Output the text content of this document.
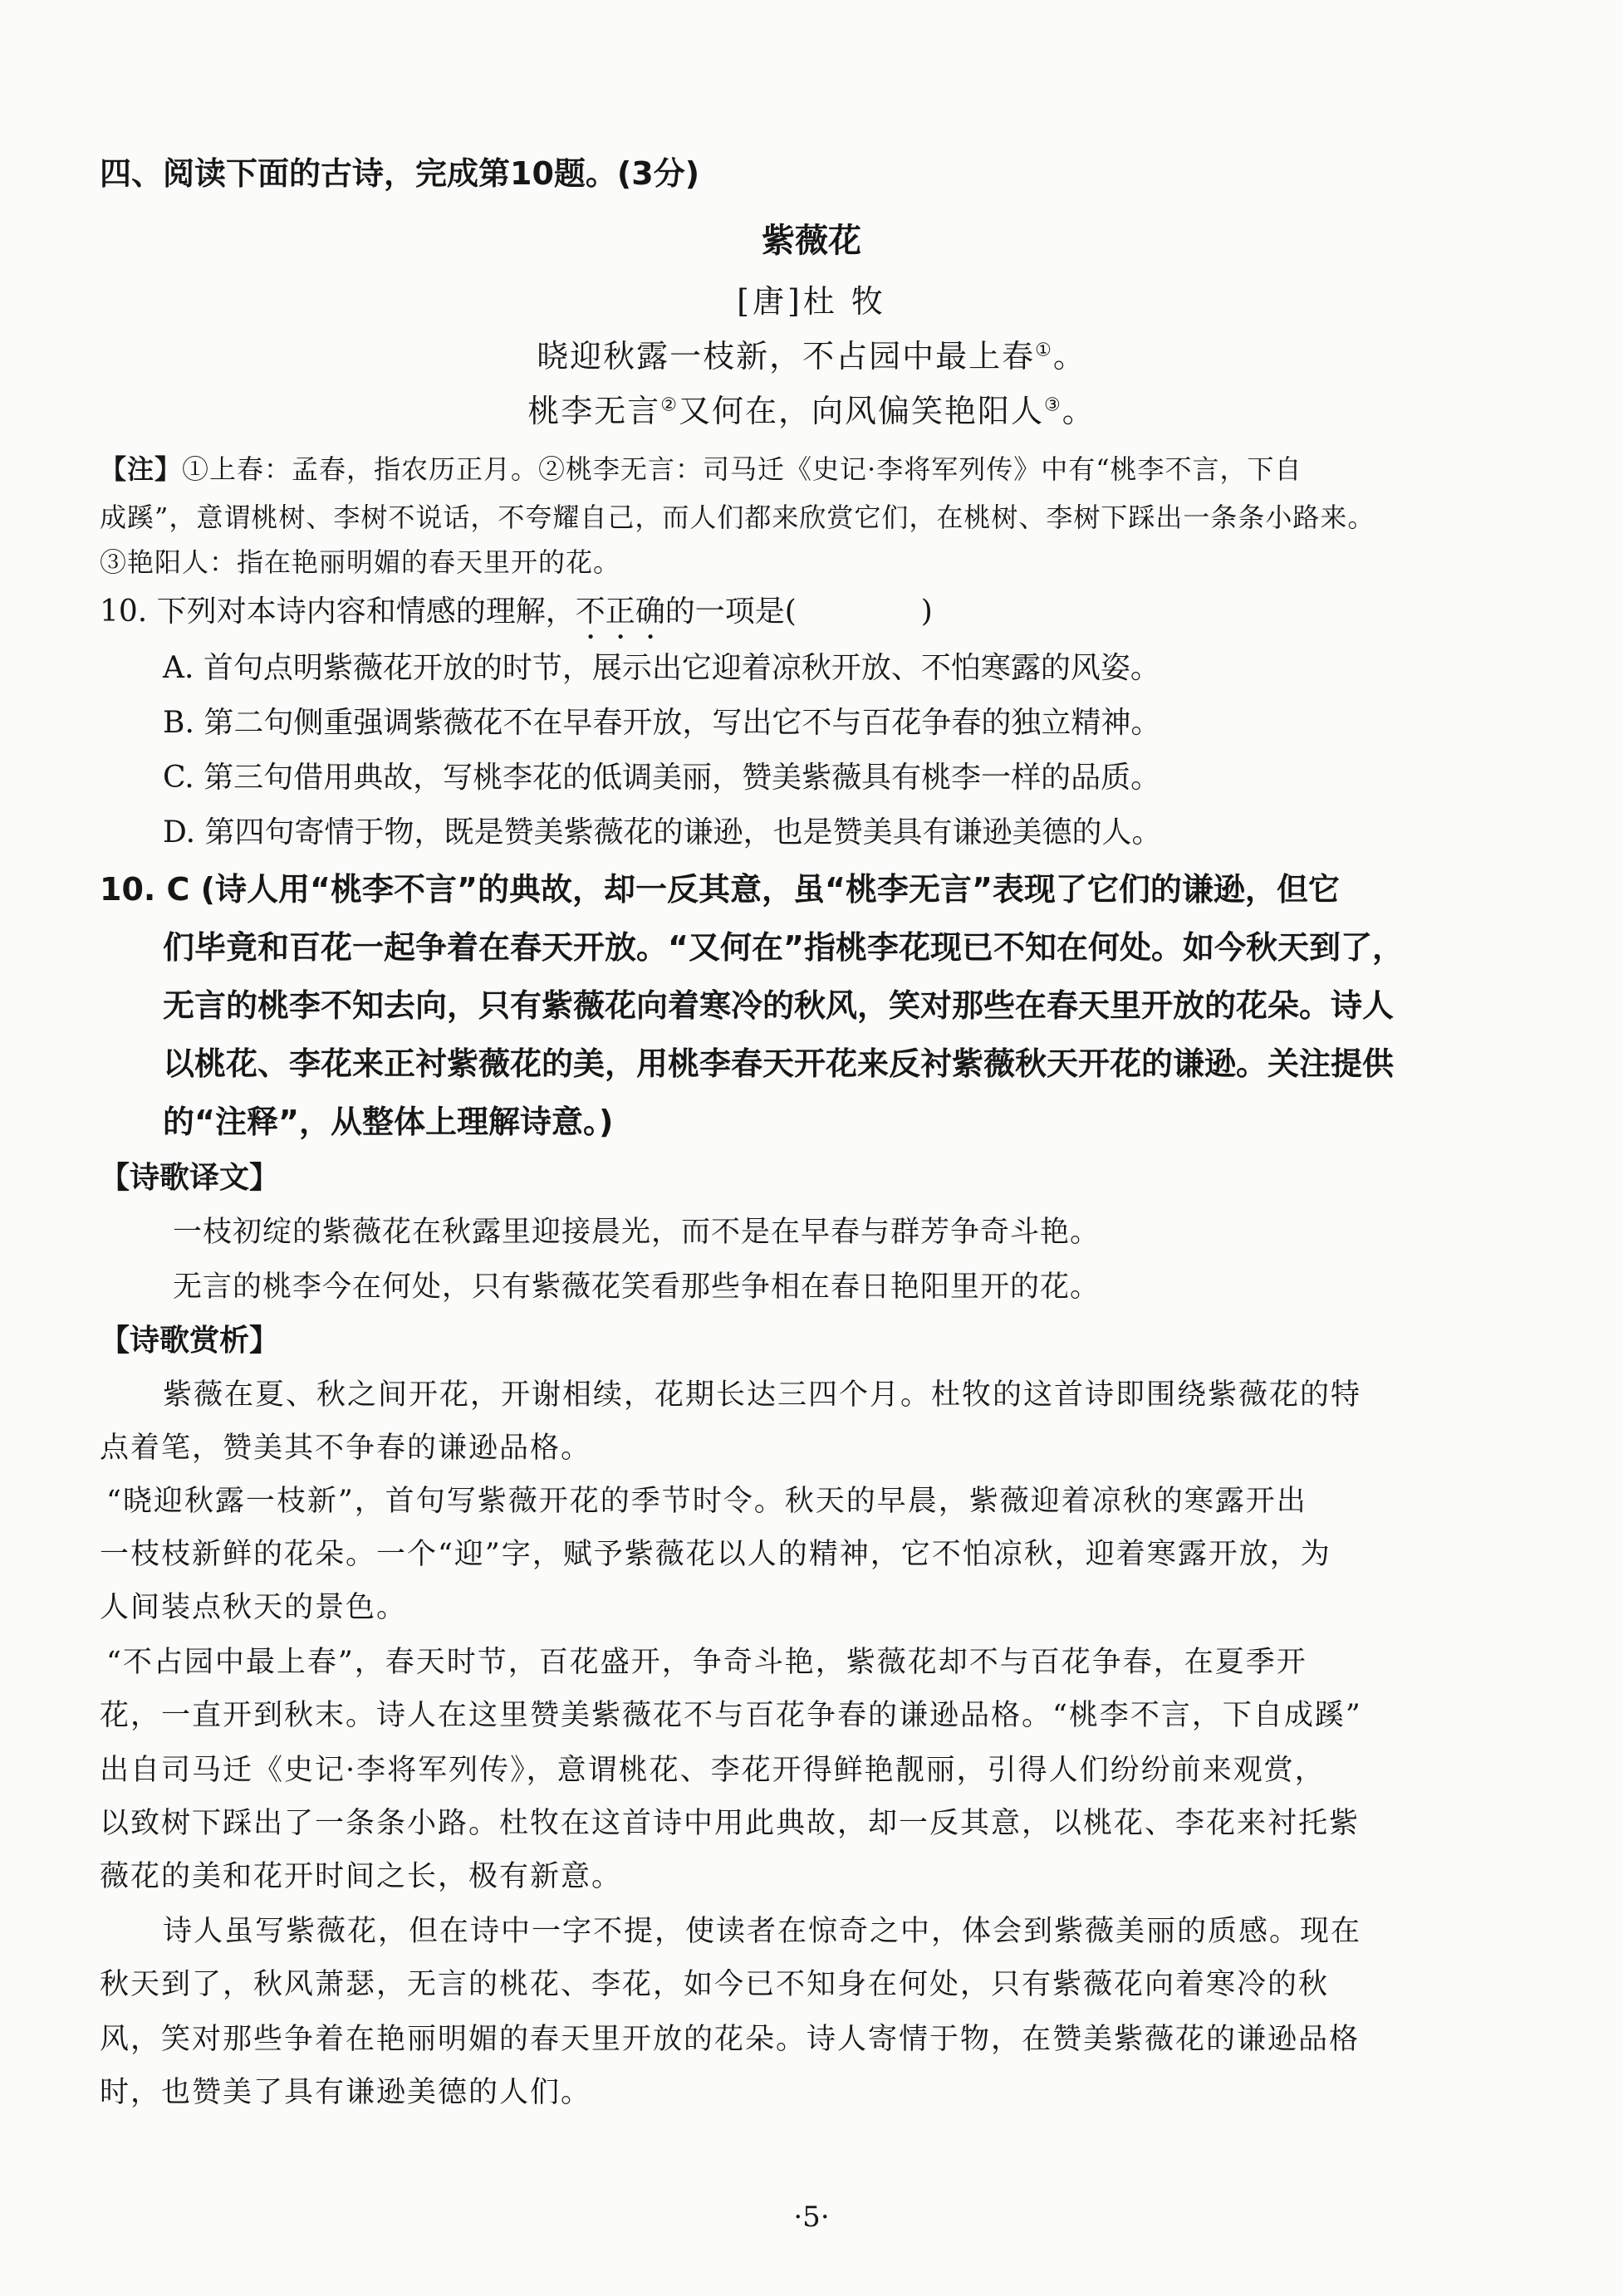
四、阅读下面的古诗，完成第10题。(3分)
紫薇花
[唐]杜 牧
晓迎秋露一枝新，不占园中最上春①。
桃李无言②又何在，向风偏笑艳阳人③。
【注】①上春：孟春，指农历正月。②桃李无言：司马迁《史记·李将军列传》中有“桃李不言，下自
成蹊”，意谓桃树、李树不说话，不夸耀自己，而人们都来欣赏它们，在桃树、李树下踩出一条条小路来。
③艳阳人：指在艳丽明媚的春天里开的花。
10. 下列对本诗内容和情感的理解，不正确的一项是(	)
A. 首句点明紫薇花开放的时节，展示出它迎着凉秋开放、不怕寒露的风姿。
B. 第二句侧重强调紫薇花不在早春开放，写出它不与百花争春的独立精神。
C. 第三句借用典故，写桃李花的低调美丽，赞美紫薇具有桃李一样的品质。
D. 第四句寄情于物，既是赞美紫薇花的谦逊，也是赞美具有谦逊美德的人。
10. C (诗人用“桃李不言”的典故，却一反其意，虽“桃李无言”表现了它们的谦逊，但它
们毕竟和百花一起争着在春天开放。“又何在”指桃李花现已不知在何处。如今秋天到了，
无言的桃李不知去向，只有紫薇花向着寒冷的秋风，笑对那些在春天里开放的花朵。诗人
以桃花、李花来正衬紫薇花的美，用桃李春天开花来反衬紫薇秋天开花的谦逊。关注提供
的“注释”，从整体上理解诗意。)
【诗歌译文】
一枝初绽的紫薇花在秋露里迎接晨光，而不是在早春与群芳争奇斗艳。
无言的桃李今在何处，只有紫薇花笑看那些争相在春日艳阳里开的花。
【诗歌赏析】
紫薇在夏、秋之间开花，开谢相续，花期长达三四个月。杜牧的这首诗即围绕紫薇花的特
点着笔，赞美其不争春的谦逊品格。
“晓迎秋露一枝新”，首句写紫薇开花的季节时令。秋天的早晨，紫薇迎着凉秋的寒露开出
一枝枝新鲜的花朵。一个“迎”字，赋予紫薇花以人的精神，它不怕凉秋，迎着寒露开放，为
人间装点秋天的景色。
“不占园中最上春”，春天时节，百花盛开，争奇斗艳，紫薇花却不与百花争春，在夏季开
花，一直开到秋末。诗人在这里赞美紫薇花不与百花争春的谦逊品格。“桃李不言，下自成蹊”
出自司马迁《史记·李将军列传》，意谓桃花、李花开得鲜艳靓丽，引得人们纷纷前来观赏，
以致树下踩出了一条条小路。杜牧在这首诗中用此典故，却一反其意，以桃花、李花来衬托紫
薇花的美和花开时间之长，极有新意。
诗人虽写紫薇花，但在诗中一字不提，使读者在惊奇之中，体会到紫薇美丽的质感。现在
秋天到了，秋风萧瑟，无言的桃花、李花，如今已不知身在何处，只有紫薇花向着寒冷的秋
风，笑对那些争着在艳丽明媚的春天里开放的花朵。诗人寄情于物，在赞美紫薇花的谦逊品格
时，也赞美了具有谦逊美德的人们。
·5·
